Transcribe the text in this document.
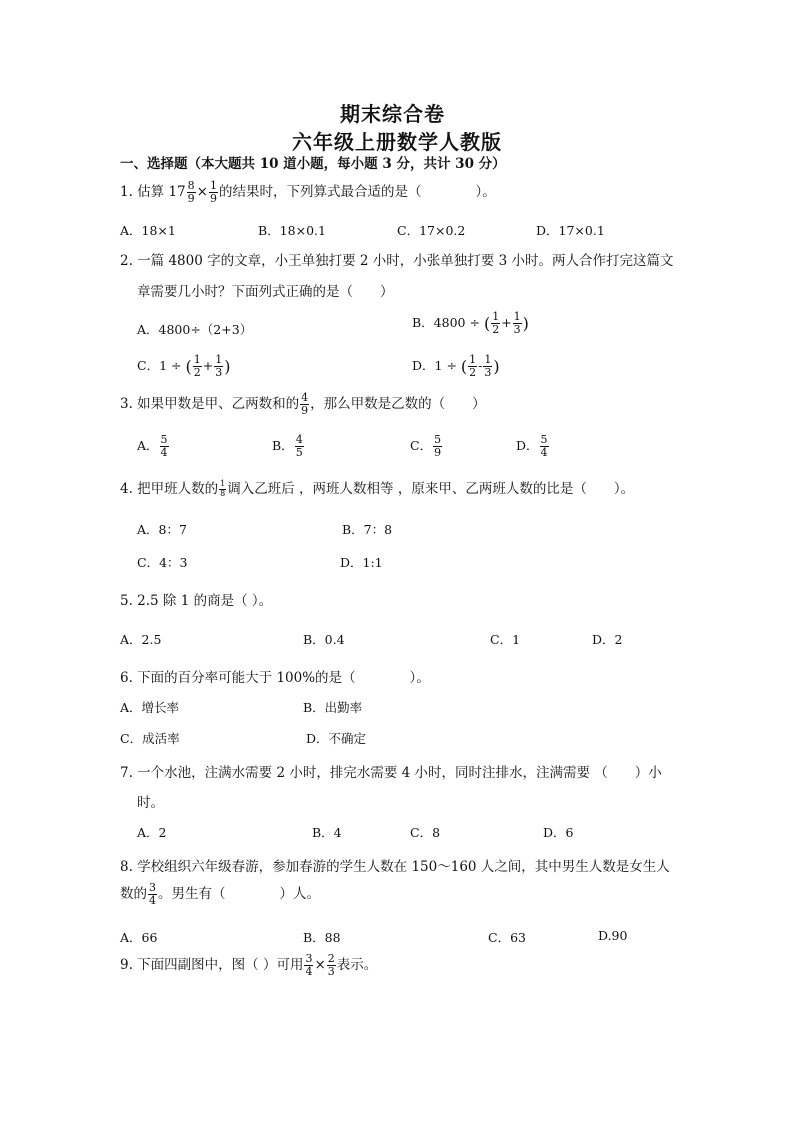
期末综合卷
六年级上册数学人教版
一、选择题（本大题共 10 道小题，每小题 3 分，共计 30 分）
1. 估算 $17 \frac{8}{9} \times \frac{1}{9}$ 的结果时，下列算式最合适的是（　　　　）。
A．18×1	B．18×0.1	C．17×0.2	D．17×0.1
2. 一篇 4800 字的文章，小王单独打要 2 小时，小张单独打要 3 小时。两人合作打完这篇文
章需要几小时？下面列式正确的是（　　）
A．4800÷（2+3）	B．4800 ÷ ( $\frac{1}{2} + \frac{1}{3}$ )
C．1 ÷ ( $\frac{1}{2} + \frac{1}{3}$ )	D．1 ÷ ( $\frac{1}{2} - \frac{1}{3}$ )
3. 如果甲数是甲、乙两数和的 $\frac{4}{9}$ ，那么甲数是乙数的（　　）
A． $\frac{5}{4}$	B． $\frac{4}{5}$	C． $\frac{5}{9}$	D． $\frac{5}{4}$
4. 把甲班人数的 $\frac{1}{8}$ 调入乙班后 ，两班人数相等 ，原来甲、乙两班人数的比是（　　）。
A．8：7	B．7：8
C．4：3	D．1:1
5. 2.5 除 1 的商是（ ）。
A．2.5	B．0.4	C．1	D．2
6. 下面的百分率可能大于 100%的是（　　　　）。
A．增长率	B．出勤率
C．成活率	D．不确定
7. 一个水池，注满水需要 2 小时，排完水需要 4 小时，同时注排水，注满需要 （　　）小
时。
A．2	B．4	C．8	D．6
8. 学校组织六年级春游，参加春游的学生人数在 150～160 人之间，其中男生人数是女生人
数的 $\frac{3}{4}$ 。男生有（　　　　）人。
A．66	B．88	C．63	D.90
9. 下面四副图中，图（ ）可用 $\frac{3}{4} \times \frac{2}{3}$ 表示。
